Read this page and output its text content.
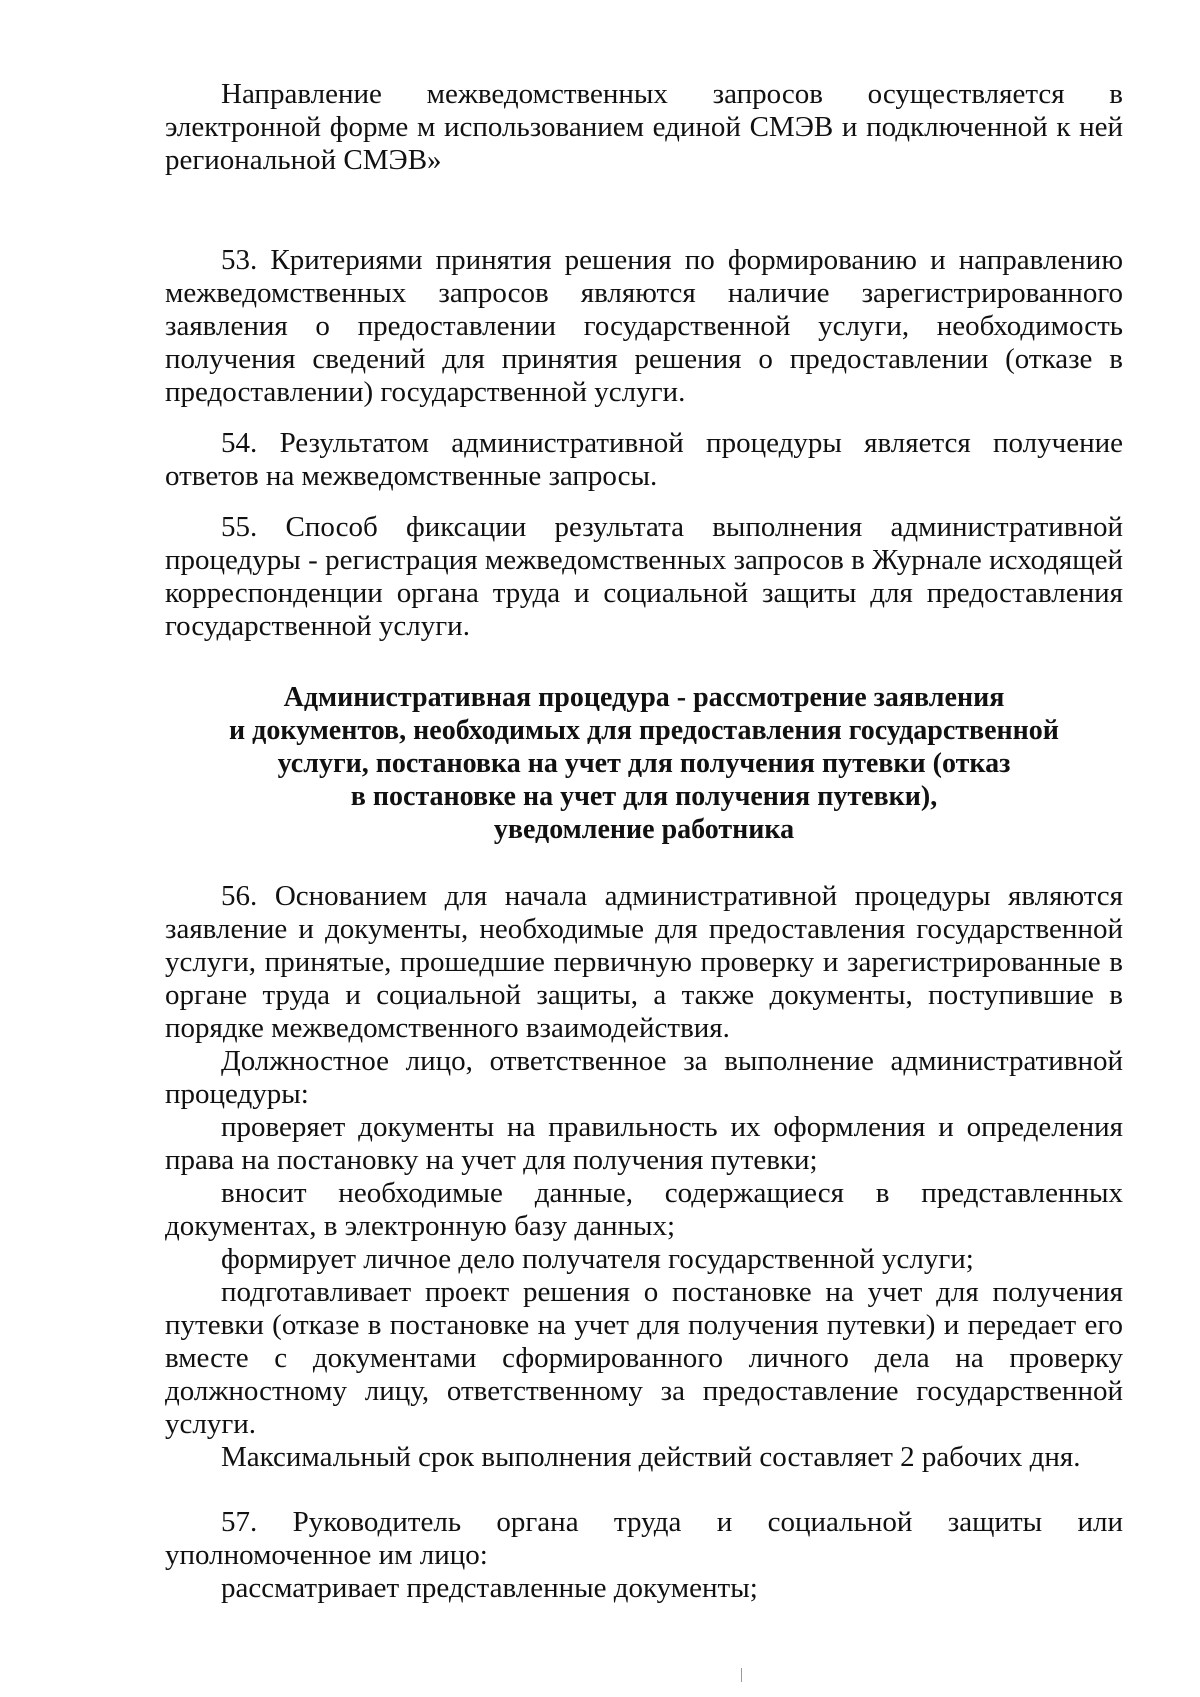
Направление межведомственных запросов осуществляется в электронной форме м использованием единой СМЭВ и подключенной к ней региональной СМЭВ»

53. Критериями принятия решения по формированию и направлению межведомственных запросов являются наличие зарегистрированного заявления о предоставлении государственной услуги, необходимость получения сведений для принятия решения о предоставлении (отказе в предоставлении) государственной услуги.

54. Результатом административной процедуры является получение ответов на межведомственные запросы.

55. Способ фиксации результата выполнения административной процедуры - регистрация межведомственных запросов в Журнале исходящей корреспонденции органа труда и социальной защиты для предоставления государственной услуги.

Административная процедура - рассмотрение заявления
и документов, необходимых для предоставления государственной
услуги, постановка на учет для получения путевки (отказ
в постановке на учет для получения путевки),
уведомление работника

56. Основанием для начала административной процедуры являются заявление и документы, необходимые для предоставления государственной услуги, принятые, прошедшие первичную проверку и зарегистрированные в органе труда и социальной защиты, а также документы, поступившие в порядке межведомственного взаимодействия.

Должностное лицо, ответственное за выполнение административной процедуры:

проверяет документы на правильность их оформления и определения права на постановку на учет для получения путевки;

вносит необходимые данные, содержащиеся в представленных документах, в электронную базу данных;

формирует личное дело получателя государственной услуги;

подготавливает проект решения о постановке на учет для получения путевки (отказе в постановке на учет для получения путевки) и передает его вместе с документами сформированного личного дела на проверку должностному лицу, ответственному за предоставление государственной услуги.

Максимальный срок выполнения действий составляет 2 рабочих дня.

57. Руководитель органа труда и социальной защиты или уполномоченное им лицо:

рассматривает представленные документы;
